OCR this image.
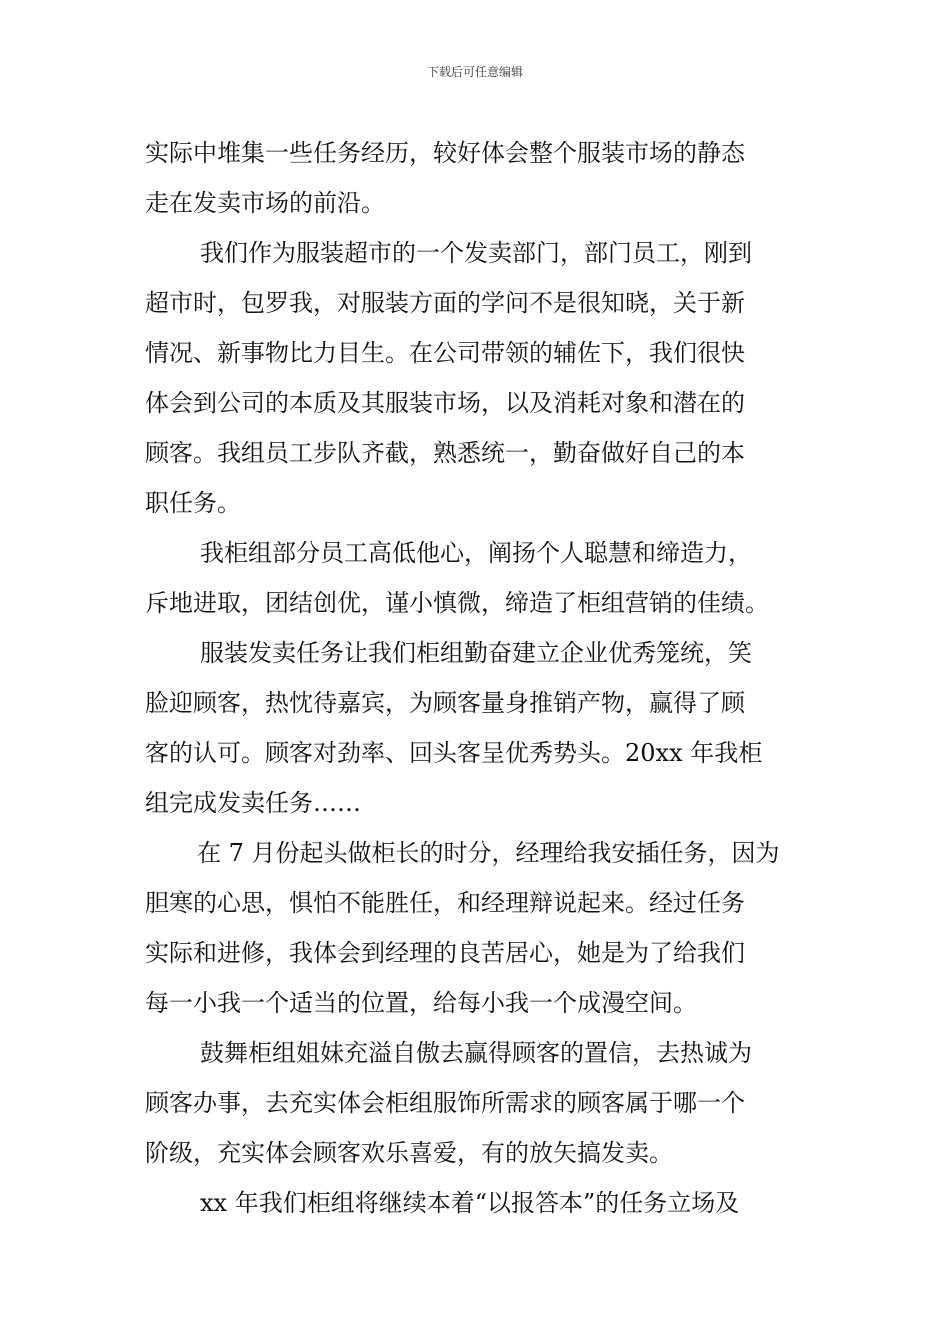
下载后可任意编辑
实际中堆集一些任务经历，较好体会整个服装市场的静态
走在发卖市场的前沿。
我们作为服装超市的一个发卖部门，部门员工，刚到
超市时，包罗我，对服装方面的学问不是很知晓，关于新
情况、新事物比力目生。在公司带领的辅佐下，我们很快
体会到公司的本质及其服装市场，以及消耗对象和潜在的
顾客。我组员工步队齐截，熟悉统一，勤奋做好自己的本
职任务。
我柜组部分员工高低他心，阐扬个人聪慧和缔造力，
斥地进取，团结创优，谨小慎微，缔造了柜组营销的佳绩。
服装发卖任务让我们柜组勤奋建立企业优秀笼统，笑
脸迎顾客，热忱待嘉宾，为顾客量身推销产物，赢得了顾
客的认可。顾客对劲率、回头客呈优秀势头。20xx 年我柜
组完成发卖任务……
在 7 月份起头做柜长的时分，经理给我安插任务，因为
胆寒的心思，惧怕不能胜任，和经理辩说起来。经过任务
实际和进修，我体会到经理的良苦居心，她是为了给我们
每一小我一个适当的位置，给每小我一个成漫空间。
鼓舞柜组姐妹充溢自傲去赢得顾客的置信，去热诚为
顾客办事，去充实体会柜组服饰所需求的顾客属于哪一个
阶级，充实体会顾客欢乐喜爱，有的放矢搞发卖。
xx 年我们柜组将继续本着“以报答本”的任务立场及
